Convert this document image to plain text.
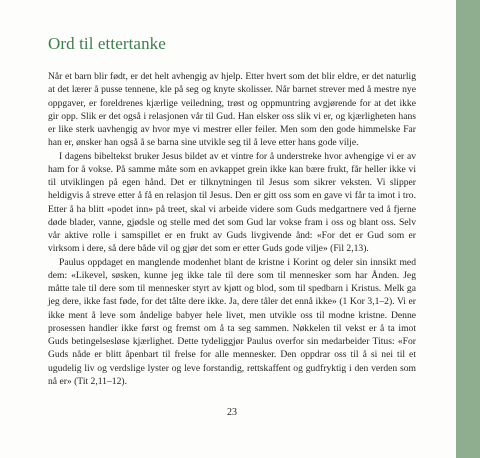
Ord til ettertanke

Når et barn blir født, er det helt avhengig av hjelp. Etter hvert som det blir eldre, er det naturlig at det lærer å pusse tennene, kle på seg og knyte skolisser. Når barnet strever med å mestre nye oppgaver, er foreldrenes kjærlige veiledning, trøst og oppmuntring avgjørende for at det ikke gir opp. Slik er det også i relasjonen vår til Gud. Han elsker oss slik vi er, og kjærligheten hans er like sterk uavhengig av hvor mye vi mestrer eller feiler. Men som den gode himmelske Far han er, ønsker han også å se barna sine utvikle seg til å leve etter hans gode vilje.

I dagens bibeltekst bruker Jesus bildet av et vintre for å understreke hvor avhengige vi er av ham for å vokse. På samme måte som en avkappet grein ikke kan bære frukt, får heller ikke vi til utviklingen på egen hånd. Det er tilknytningen til Jesus som sikrer veksten. Vi slipper heldigvis å streve etter å få en relasjon til Jesus. Den er gitt oss som en gave vi får ta imot i tro. Etter å ha blitt «podet inn» på treet, skal vi arbeide videre som Guds medgartnere ved å fjerne døde blader, vanne, gjødsle og stelle med det som Gud lar vokse fram i oss og blant oss. Selv vår aktive rolle i samspillet er en frukt av Guds livgivende ånd: «For det er Gud som er virksom i dere, så dere både vil og gjør det som er etter Guds gode vilje» (Fil 2,13).

Paulus oppdaget en manglende modenhet blant de kristne i Korint og deler sin innsikt med dem: «Likevel, søsken, kunne jeg ikke tale til dere som til mennesker som har Ånden. Jeg måtte tale til dere som til mennesker styrt av kjøtt og blod, som til spedbarn i Kristus. Melk ga jeg dere, ikke fast føde, for det tålte dere ikke. Ja, dere tåler det ennå ikke» (1 Kor 3,1–2). Vi er ikke ment å leve som åndelige babyer hele livet, men utvikle oss til modne kristne. Denne prosessen handler ikke først og fremst om å ta seg sammen. Nøkkelen til vekst er å ta imot Guds betingelsesløse kjærlighet. Dette tydeliggjør Paulus overfor sin medarbeider Titus: «For Guds nåde er blitt åpenbart til frelse for alle mennesker. Den oppdrar oss til å si nei til et ugudelig liv og verdslige lyster og leve forstandig, rettskaffent og gudfryktig i den verden som nå er» (Tit 2,11–12).

23
